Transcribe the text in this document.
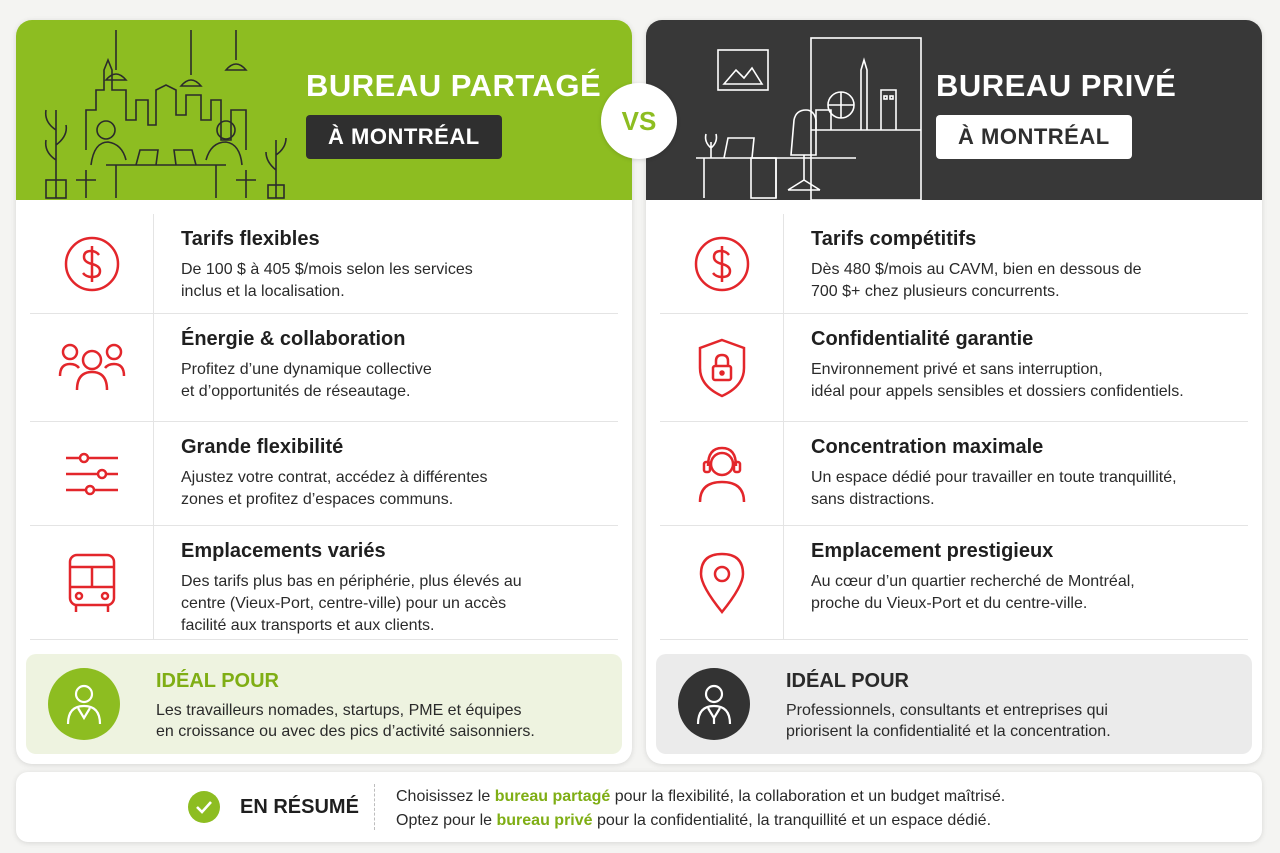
BUREAU PARTAGÉ
À MONTRÉAL
Tarifs flexibles

De 100 $ à 405 $/mois selon les services
inclus et la localisation.

Énergie & collaboration

Profitez d’une dynamique collective
et d’opportunités de réseautage.

Grande flexibilité

Ajustez votre contrat, accédez à différentes
zones et profitez d’espaces communs.

Emplacements variés

Des tarifs plus bas en périphérie, plus élevés au
centre (Vieux-Port, centre-ville) pour un accès
facilité aux transports et aux clients.

IDÉAL POUR

Les travailleurs nomades, startups, PME et équipes
en croissance ou avec des pics d’activité saisonniers.

VS
BUREAU PRIVÉ
À MONTRÉAL
Tarifs compétitifs

Dès 480 $/mois au CAVM, bien en dessous de
700 $+ chez plusieurs concurrents.

Confidentialité garantie

Environnement privé et sans interruption,
idéal pour appels sensibles et dossiers confidentiels.

Concentration maximale

Un espace dédié pour travailler en toute tranquillité,
sans distractions.

Emplacement prestigieux

Au cœur d’un quartier recherché de Montréal,
proche du Vieux-Port et du centre-ville.

IDÉAL POUR

Professionnels, consultants et entreprises qui
priorisent la confidentialité et la concentration.

EN RÉSUMÉ Choisissez le bureau partagé pour la flexibilité, la collaboration et un budget maîtrisé.
Optez pour le bureau privé pour la confidentialité, la tranquillité et un espace dédié.
